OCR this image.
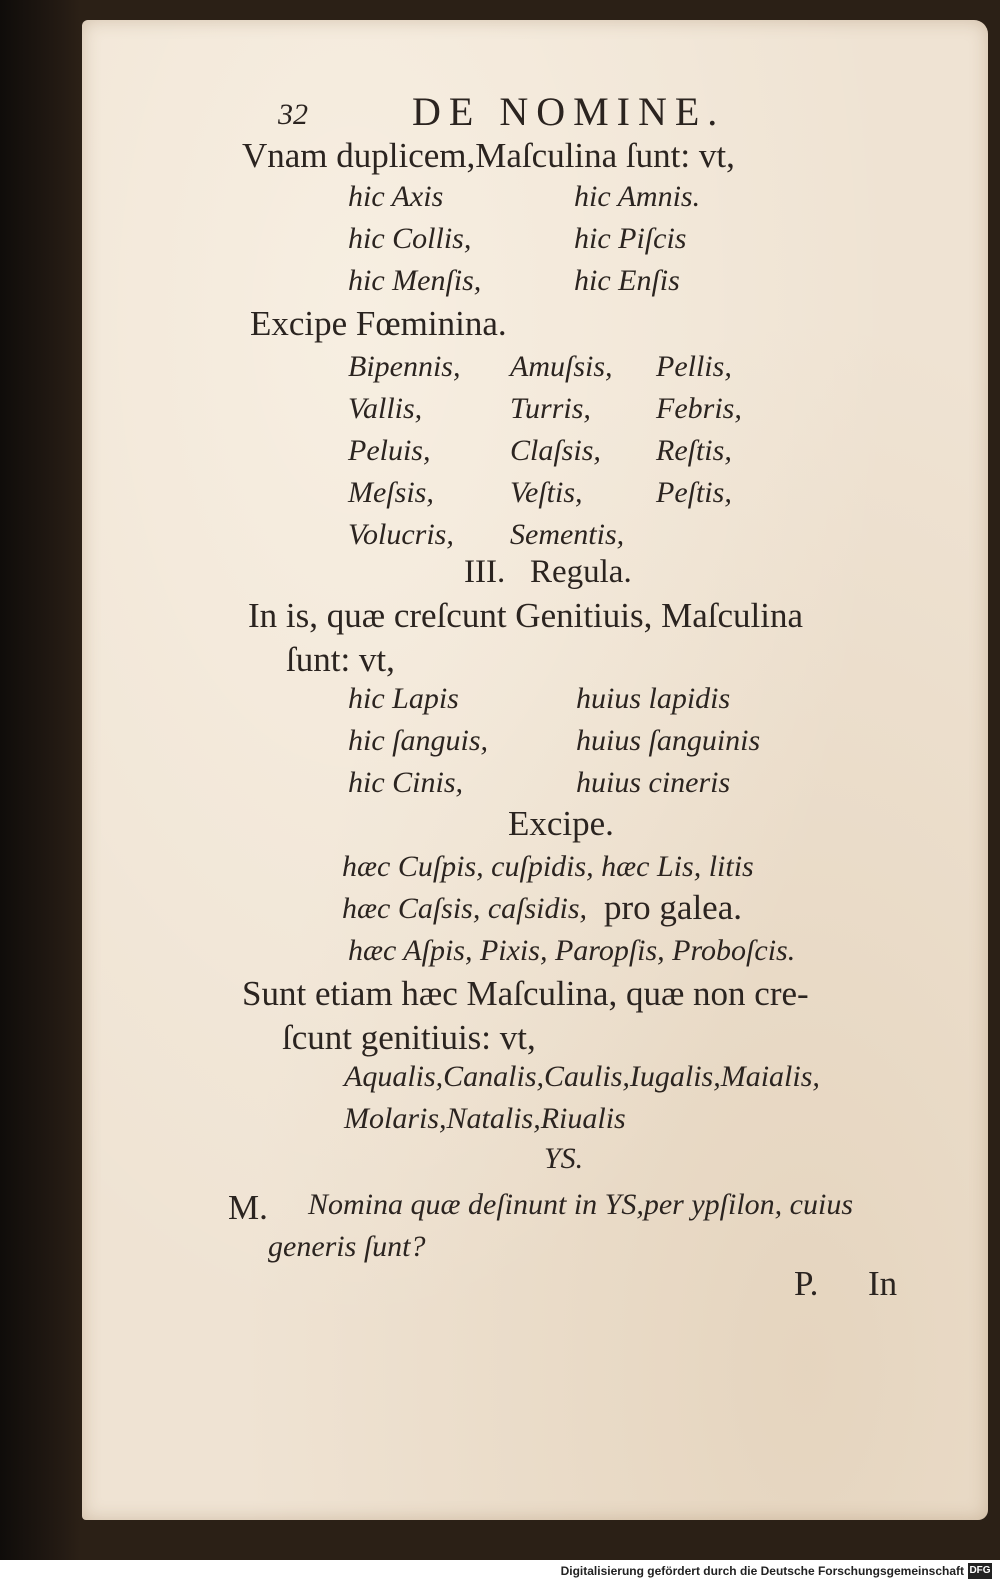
32	DE NOMINE.
Vnam duplicem,Maſculina ſunt: vt,
hic Axis	hic Amnis.
hic Collis,	hic Piſcis
hic Menſis,	hic Enſis
Excipe Fœminina.
Bipennis, Amuſsis, Pellis,
Vallis,	Turris, Febris,
Peluis,	Claſsis, Reſtis,
Meſsis,	Veſtis, Peſtis,
Volucris, Sementis,
III.   Regula.
In is, quæ creſcunt Genitiuis, Maſculina
ſunt: vt,
hic Lapis	huius lapidis
hic ſanguis,	huius ſanguinis
hic Cinis,	huius cineris
Excipe.
hæc Cuſpis, cuſpidis, hæc Lis, litis
hæc Caſsis, caſsidis, pro galea.
hæc Aſpis, Pixis, Paropſis, Proboſcis.
Sunt etiam hæc Maſculina, quæ non cre-
ſcunt genitiuis: vt,
Aqualis,Canalis,Caulis,Iugalis,Maialis,
Molaris,Natalis,Riualis
YS.
M. Nomina quæ deſinunt in YS,per ypſilon, cuius
generis ſunt?
P. In
Digitalisierung gefördert durch die Deutsche Forschungsgemeinschaft DFG
